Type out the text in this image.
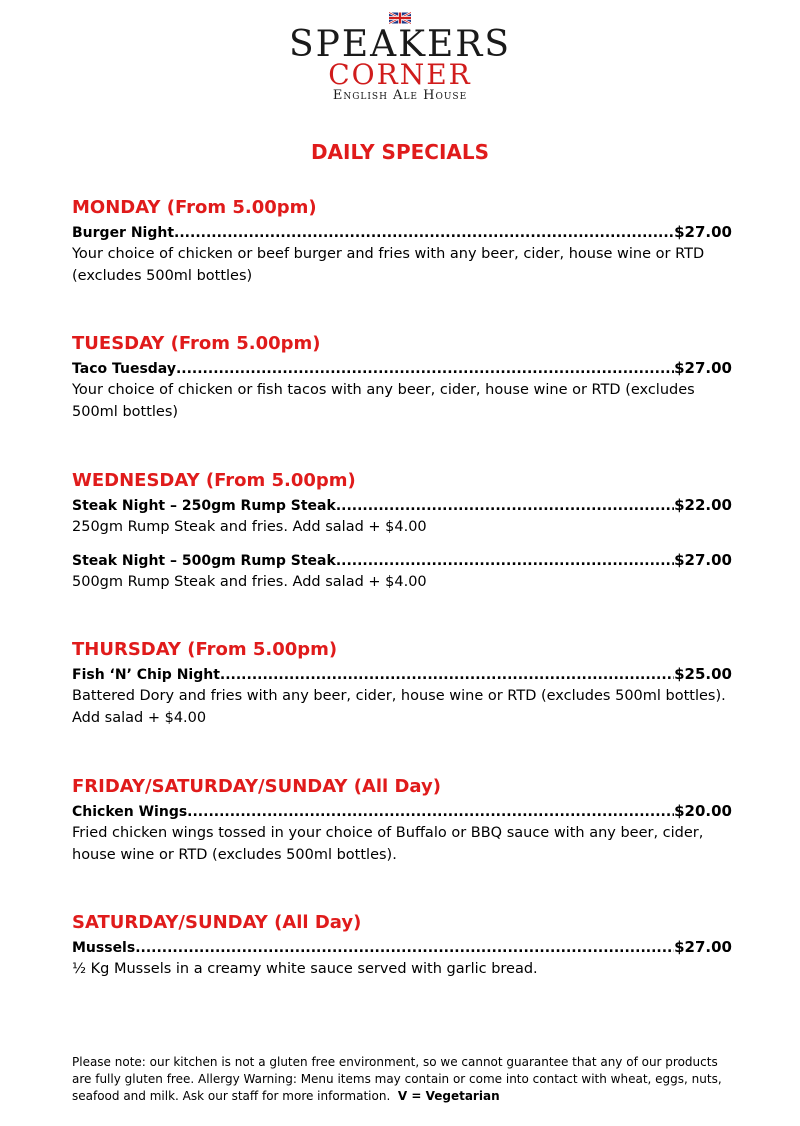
SPEAKERS
CORNER
English Ale House
DAILY SPECIALS
MONDAY (From 5.00pm)
Burger Night .....	$27.00
Your choice of chicken or beef burger and fries with any beer, cider, house wine or RTD (excludes 500ml bottles)
TUESDAY (From 5.00pm)
Taco Tuesday .....	$27.00
Your choice of chicken or fish tacos with any beer, cider, house wine or RTD (excludes 500ml bottles)
WEDNESDAY (From 5.00pm)
Steak Night – 250gm Rump Steak .....	$22.00
250gm Rump Steak and fries. Add salad + $4.00
Steak Night – 500gm Rump Steak .....	$27.00
500gm Rump Steak and fries. Add salad + $4.00
THURSDAY (From 5.00pm)
Fish ‘N’ Chip Night .....	$25.00
Battered Dory and fries with any beer, cider, house wine or RTD (excludes 500ml bottles). Add salad + $4.00
FRIDAY/SATURDAY/SUNDAY (All Day)
Chicken Wings .....	$20.00
Fried chicken wings tossed in your choice of Buffalo or BBQ sauce with any beer, cider, house wine or RTD (excludes 500ml bottles).
SATURDAY/SUNDAY (All Day)
Mussels .....	$27.00
½ Kg Mussels in a creamy white sauce served with garlic bread.
Please note: our kitchen is not a gluten free environment, so we cannot guarantee that any of our products are fully gluten free. Allergy Warning: Menu items may contain or come into contact with wheat, eggs, nuts, seafood and milk. Ask our staff for more information. V = Vegetarian
